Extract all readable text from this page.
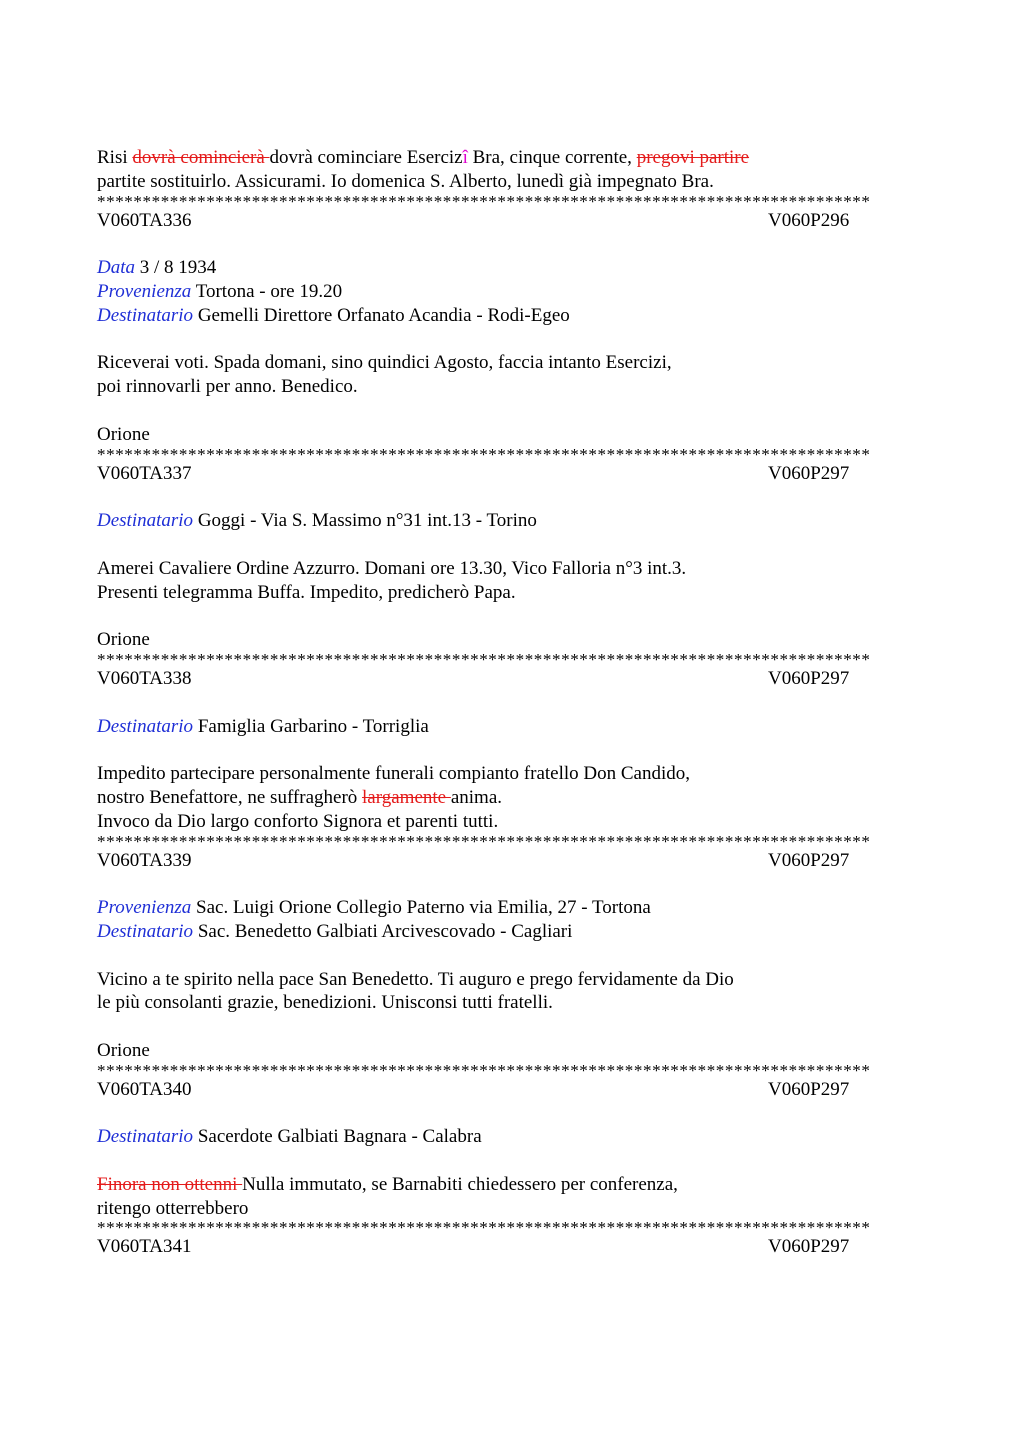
Risi dovrà comincierà dovrà cominciare Esercizî Bra, cinque corrente, pregovi partire
partite sostituirlo. Assicurami. Io domenica S. Alberto, lunedì già impegnato Bra.
*************************************************************************************
V060TA336	V060P296
Data 3 / 8 1934
Provenienza Tortona - ore 19.20
Destinatario Gemelli Direttore Orfanato Acandia - Rodi-Egeo
Riceverai voti. Spada domani, sino quindici Agosto, faccia intanto Esercizi,
poi rinnovarli per anno. Benedico.
Orione
*************************************************************************************
V060TA337	V060P297
Destinatario Goggi - Via S. Massimo n°31 int.13 - Torino
Amerei Cavaliere Ordine Azzurro. Domani ore 13.30, Vico Falloria n°3 int.3.
Presenti telegramma Buffa. Impedito, predicherò Papa.
Orione
*************************************************************************************
V060TA338	V060P297
Destinatario Famiglia Garbarino - Torriglia
Impedito partecipare personalmente funerali compianto fratello Don Candido,
nostro Benefattore, ne suffragherò largamente anima.
Invoco da Dio largo conforto Signora et parenti tutti.
*************************************************************************************
V060TA339	V060P297
Provenienza Sac. Luigi Orione Collegio Paterno via Emilia, 27 - Tortona
Destinatario Sac. Benedetto Galbiati Arcivescovado - Cagliari
Vicino a te spirito nella pace San Benedetto. Ti auguro e prego fervidamente da Dio
le più consolanti grazie, benedizioni. Unisconsi tutti fratelli.
Orione
*************************************************************************************
V060TA340	V060P297
Destinatario Sacerdote Galbiati Bagnara - Calabra
Finora non ottenni Nulla immutato, se Barnabiti chiedessero per conferenza,
ritengo otterrebbero
*************************************************************************************
V060TA341	V060P297
